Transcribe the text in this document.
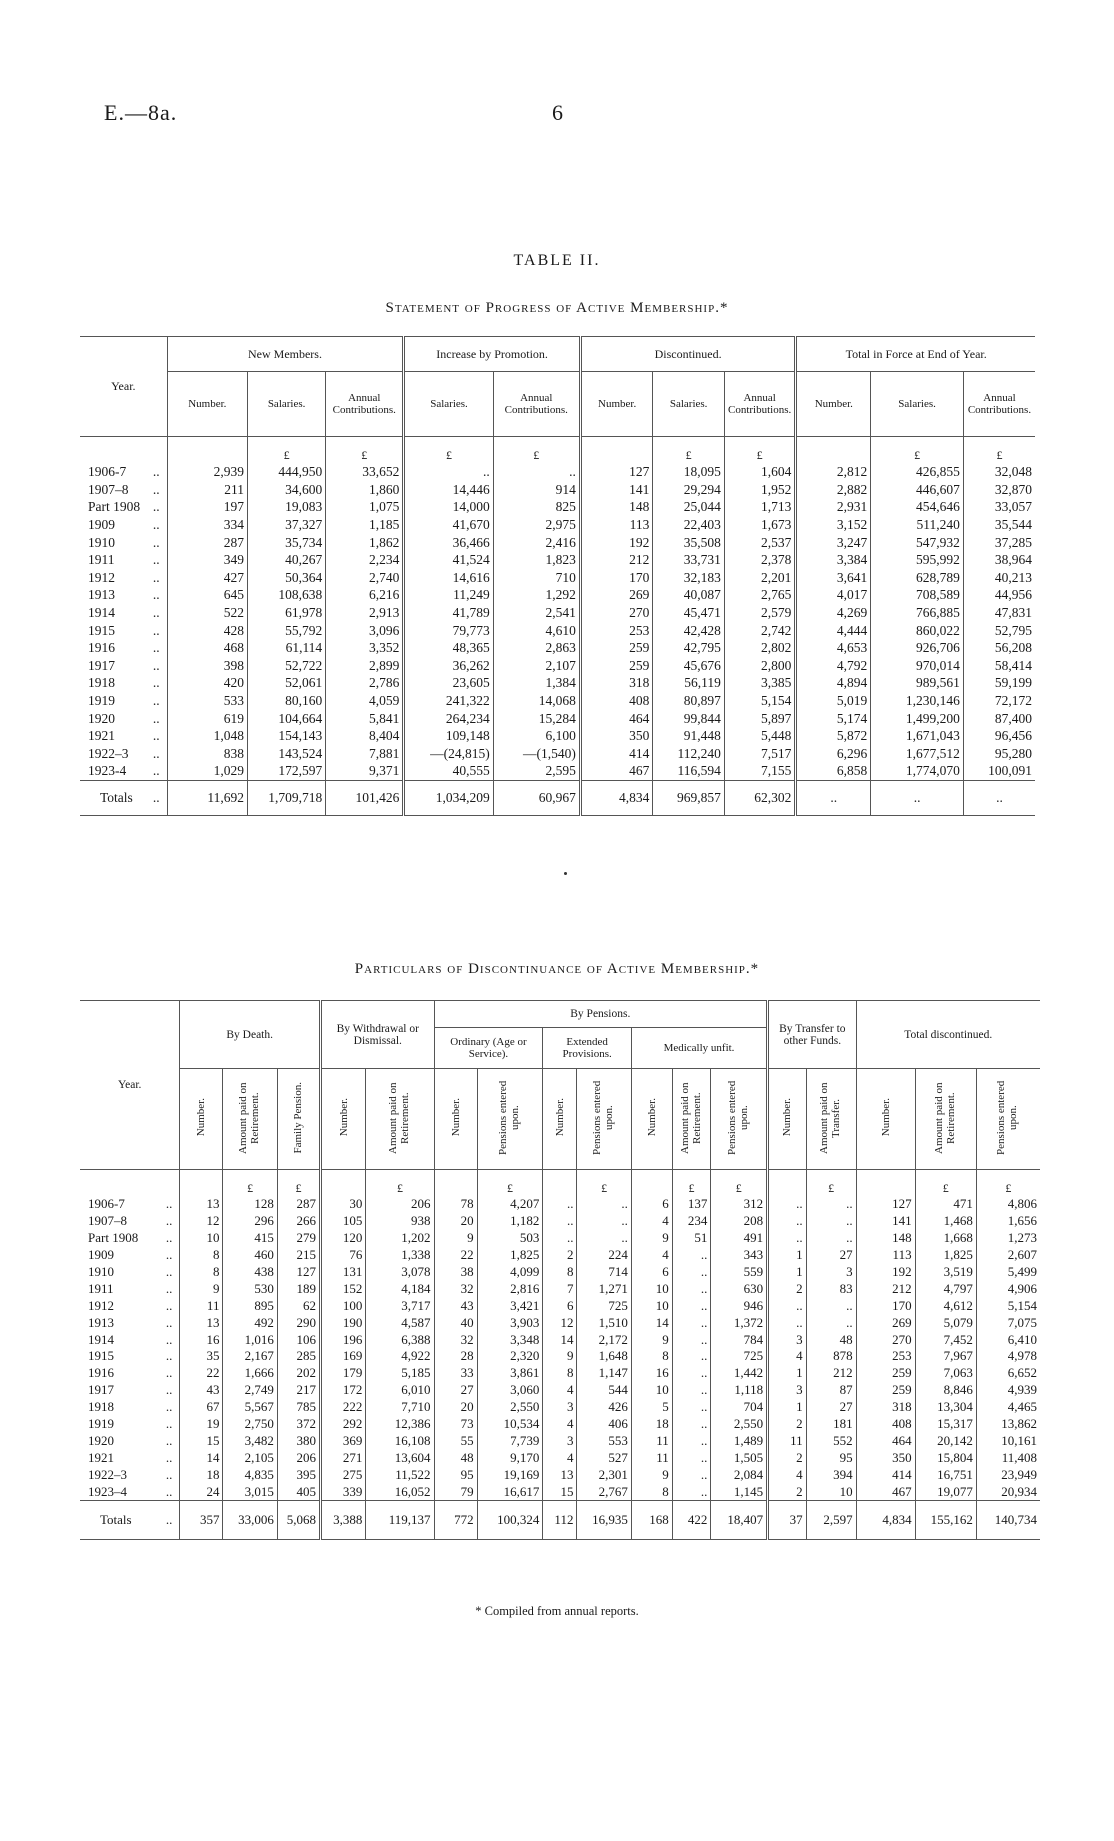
E.—8a.	6
TABLE II.
Statement of Progress of Active Membership.*
Year.	New Members.			Increase by Promotion.		Discontinued.			Total in Force at End of Year.		
	Number.	Salaries.	Annual Contributions.	Salaries.	Annual Contributions.	Number.	Salaries.	Annual Contributions.	Number.	Salaries.	Annual Contributions.
		£	£	£	£		£	£		£	£
1906-7 ..	2,939	444,950	33,652	..	..	127	18,095	1,604	2,812	426,855	32,048
1907–8 ..	211	34,600	1,860	14,446	914	141	29,294	1,952	2,882	446,607	32,870
Part 1908 ..	197	19,083	1,075	14,000	825	148	25,044	1,713	2,931	454,646	33,057
1909 ..	334	37,327	1,185	41,670	2,975	113	22,403	1,673	3,152	511,240	35,544
1910 ..	287	35,734	1,862	36,466	2,416	192	35,508	2,537	3,247	547,932	37,285
1911 ..	349	40,267	2,234	41,524	1,823	212	33,731	2,378	3,384	595,992	38,964
1912 ..	427	50,364	2,740	14,616	710	170	32,183	2,201	3,641	628,789	40,213
1913 ..	645	108,638	6,216	11,249	1,292	269	40,087	2,765	4,017	708,589	44,956
1914 ..	522	61,978	2,913	41,789	2,541	270	45,471	2,579	4,269	766,885	47,831
1915 ..	428	55,792	3,096	79,773	4,610	253	42,428	2,742	4,444	860,022	52,795
1916 ..	468	61,114	3,352	48,365	2,863	259	42,795	2,802	4,653	926,706	56,208
1917 ..	398	52,722	2,899	36,262	2,107	259	45,676	2,800	4,792	970,014	58,414
1918 ..	420	52,061	2,786	23,605	1,384	318	56,119	3,385	4,894	989,561	59,199
1919 ..	533	80,160	4,059	241,322	14,068	408	80,897	5,154	5,019	1,230,146	72,172
1920 ..	619	104,664	5,841	264,234	15,284	464	99,844	5,897	5,174	1,499,200	87,400
1921 ..	1,048	154,143	8,404	109,148	6,100	350	91,448	5,448	5,872	1,671,043	96,456
1922–3 ..	838	143,524	7,881	—(24,815)	—(1,540)	414	112,240	7,517	6,296	1,677,512	95,280
1923-4 ..	1,029	172,597	9,371	40,555	2,595	467	116,594	7,155	6,858	1,774,070	100,091
Totals ..	11,692	1,709,718	101,426	1,034,209	60,967	4,834	969,857	62,302	..	..	..
Particulars of Discontinuance of Active Membership.*
Year.	By Death.			By Withdrawal or Dismissal.		By Pensions.							By Transfer to other Funds.		Total discontinued.		
						Ordinary (Age or Service).		Extended Provisions.		Medically unfit.							
	Number.	Amount paid on Retirement.	Family Pension.	Number.	Amount paid on Retirement.	Number.	Pensions entered upon.	Number.	Pensions entered upon.	Number.	Amount paid on Retirement.	Pensions entered upon.	Number.	Amount paid on Transfer.	Number.	Amount paid on Retirement.	Pensions entered upon.
		£	£		£		£		£		£	£		£		£	£
1906-7 ..	13	128	287	30	206	78	4,207	..	..	6	137	312	..	..	127	471	4,806
1907–8 ..	12	296	266	105	938	20	1,182	..	..	4	234	208	..	..	141	1,468	1,656
Part 1908 ..	10	415	279	120	1,202	9	503	..	..	9	51	491	..	..	148	1,668	1,273
1909 ..	8	460	215	76	1,338	22	1,825	2	224	4	..	343	1	27	113	1,825	2,607
1910 ..	8	438	127	131	3,078	38	4,099	8	714	6	..	559	1	3	192	3,519	5,499
1911 ..	9	530	189	152	4,184	32	2,816	7	1,271	10	..	630	2	83	212	4,797	4,906
1912 ..	11	895	62	100	3,717	43	3,421	6	725	10	..	946	..	..	170	4,612	5,154
1913 ..	13	492	290	190	4,587	40	3,903	12	1,510	14	..	1,372	..	..	269	5,079	7,075
1914 ..	16	1,016	106	196	6,388	32	3,348	14	2,172	9	..	784	3	48	270	7,452	6,410
1915 ..	35	2,167	285	169	4,922	28	2,320	9	1,648	8	..	725	4	878	253	7,967	4,978
1916 ..	22	1,666	202	179	5,185	33	3,861	8	1,147	16	..	1,442	1	212	259	7,063	6,652
1917 ..	43	2,749	217	172	6,010	27	3,060	4	544	10	..	1,118	3	87	259	8,846	4,939
1918 ..	67	5,567	785	222	7,710	20	2,550	3	426	5	..	704	1	27	318	13,304	4,465
1919 ..	19	2,750	372	292	12,386	73	10,534	4	406	18	..	2,550	2	181	408	15,317	13,862
1920 ..	15	3,482	380	369	16,108	55	7,739	3	553	11	..	1,489	11	552	464	20,142	10,161
1921 ..	14	2,105	206	271	13,604	48	9,170	4	527	11	..	1,505	2	95	350	15,804	11,408
1922–3 ..	18	4,835	395	275	11,522	95	19,169	13	2,301	9	..	2,084	4	394	414	16,751	23,949
1923–4 ..	24	3,015	405	339	16,052	79	16,617	15	2,767	8	..	1,145	2	10	467	19,077	20,934
Totals ..	357	33,006	5,068	3,388	119,137	772	100,324	112	16,935	168	422	18,407	37	2,597	4,834	155,162	140,734
* Compiled from annual reports.
